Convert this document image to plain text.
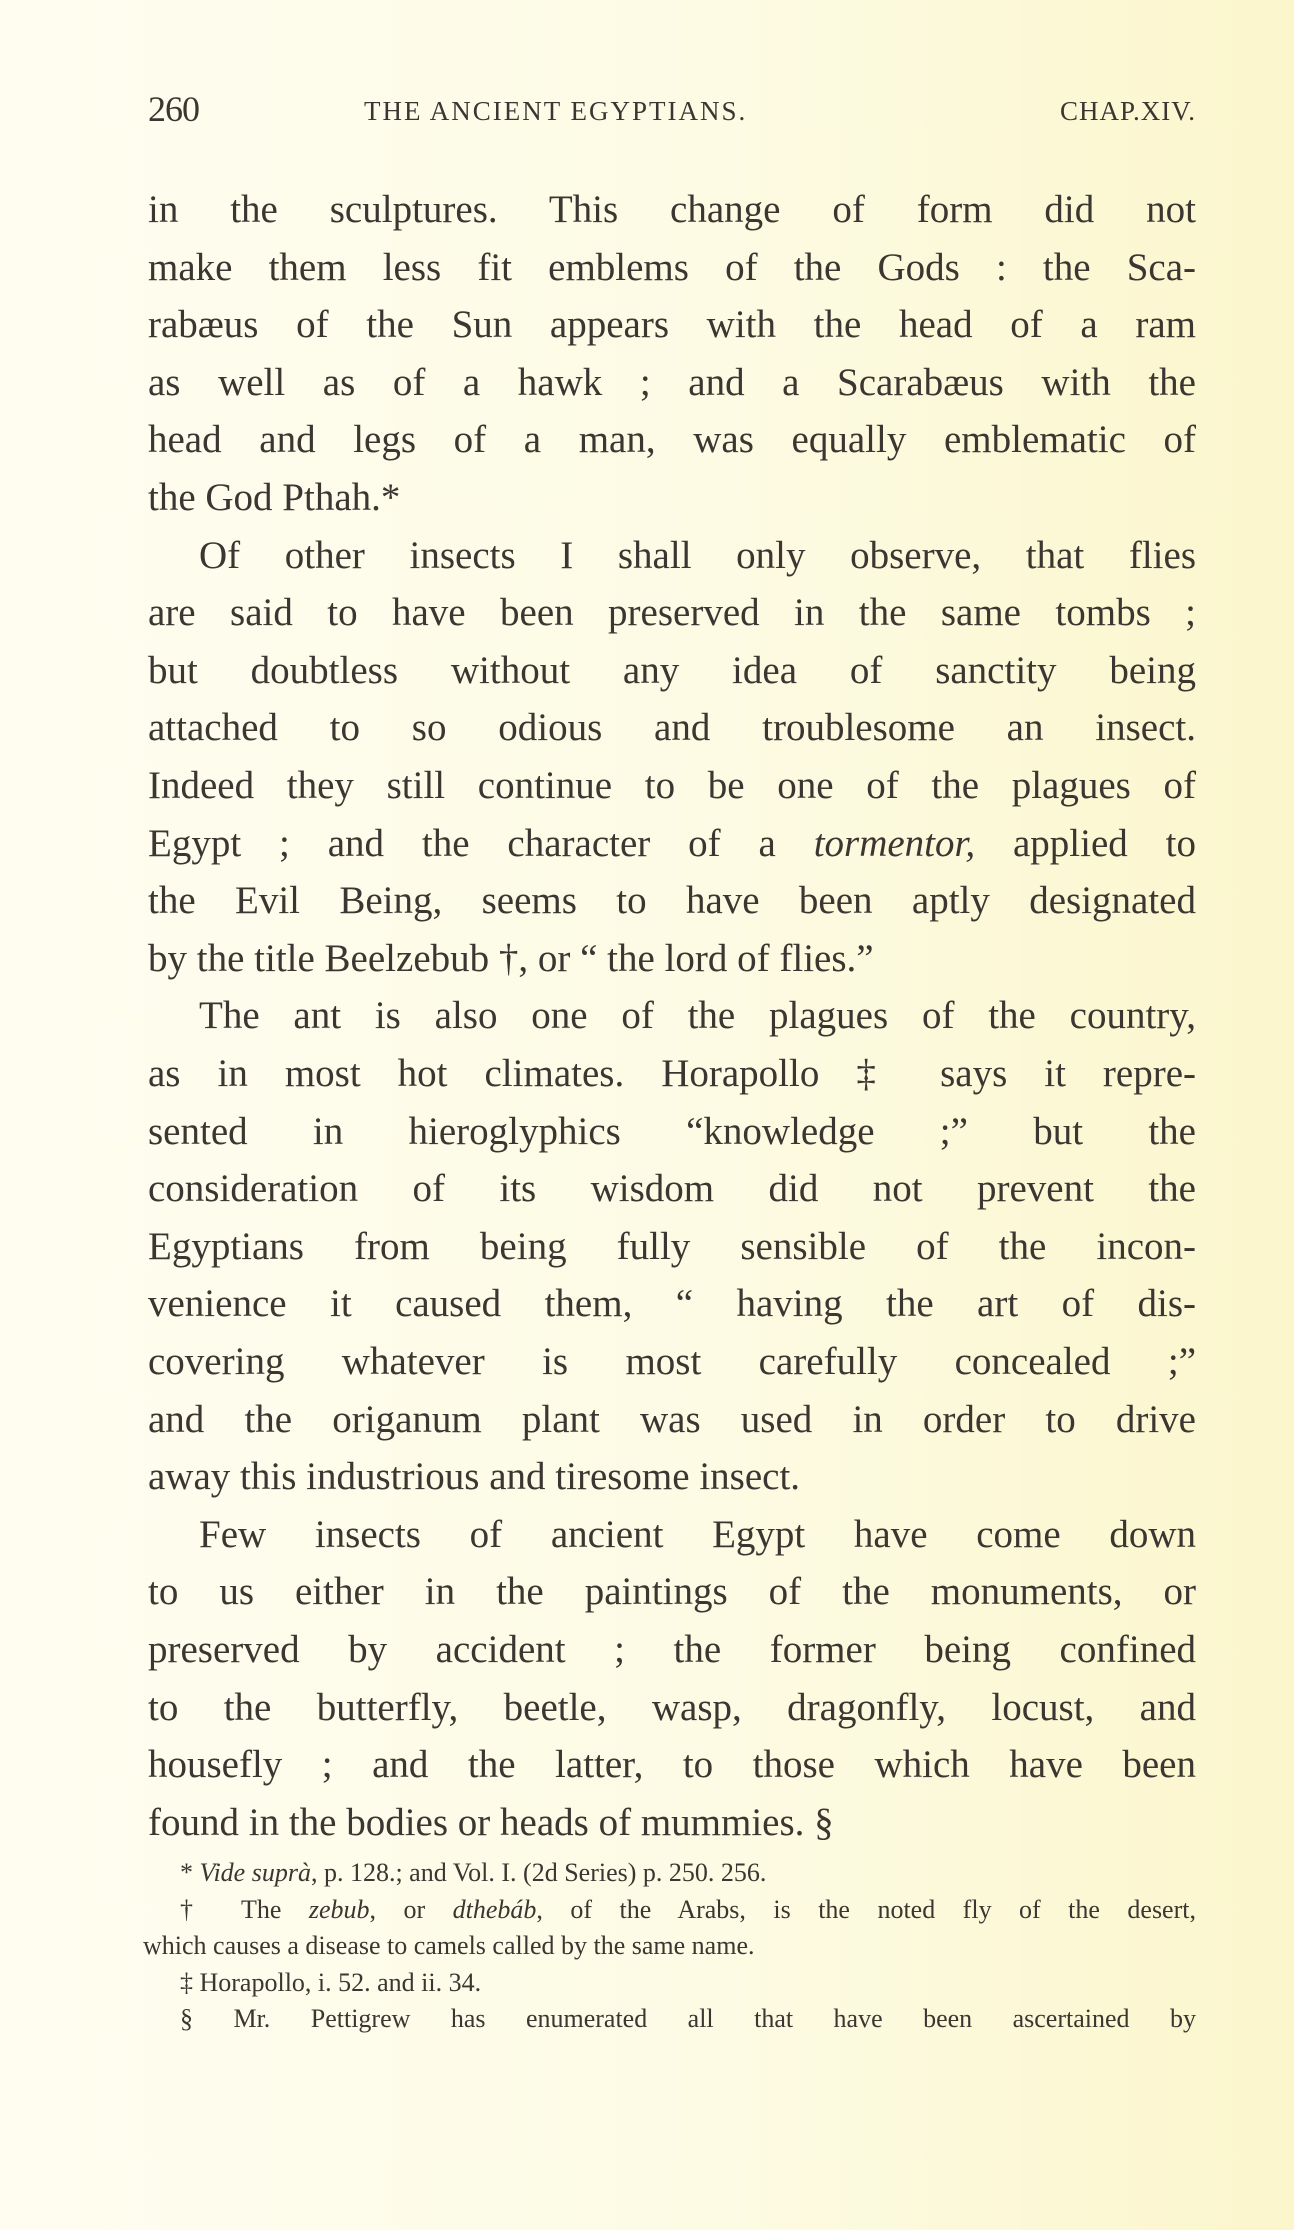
260	THE ANCIENT EGYPTIANS.	CHAP.XIV.
in the sculptures. This change of form did not
make them less fit emblems of the Gods : the Sca-
rabæus of the Sun appears with the head of a ram
as well as of a hawk ; and a Scarabæus with the
head and legs of a man, was equally emblematic of
the God Pthah.*
Of other insects I shall only observe, that flies
are said to have been preserved in the same tombs ;
but doubtless without any idea of sanctity being
attached to so odious and troublesome an insect.
Indeed they still continue to be one of the plagues of
Egypt ; and the character of a tormentor, applied to
the Evil Being, seems to have been aptly designated
by the title Beelzebub †, or “ the lord of flies.”
The ant is also one of the plagues of the country,
as in most hot climates. Horapollo ‡ says it repre-
sented in hieroglyphics “knowledge ;” but the
consideration of its wisdom did not prevent the
Egyptians from being fully sensible of the incon-
venience it caused them, “ having the art of dis-
covering whatever is most carefully concealed ;”
and the origanum plant was used in order to drive
away this industrious and tiresome insect.
Few insects of ancient Egypt have come down
to us either in the paintings of the monuments, or
preserved by accident ; the former being confined
to the butterfly, beetle, wasp, dragonfly, locust, and
housefly ; and the latter, to those which have been
found in the bodies or heads of mummies. §
* Vide suprà, p. 128.; and Vol. I. (2d Series) p. 250. 256.
† The zebub, or dthebáb, of the Arabs, is the noted fly of the desert,
which causes a disease to camels called by the same name.
‡ Horapollo, i. 52. and ii. 34.
§ Mr. Pettigrew has enumerated all that have been ascertained by
